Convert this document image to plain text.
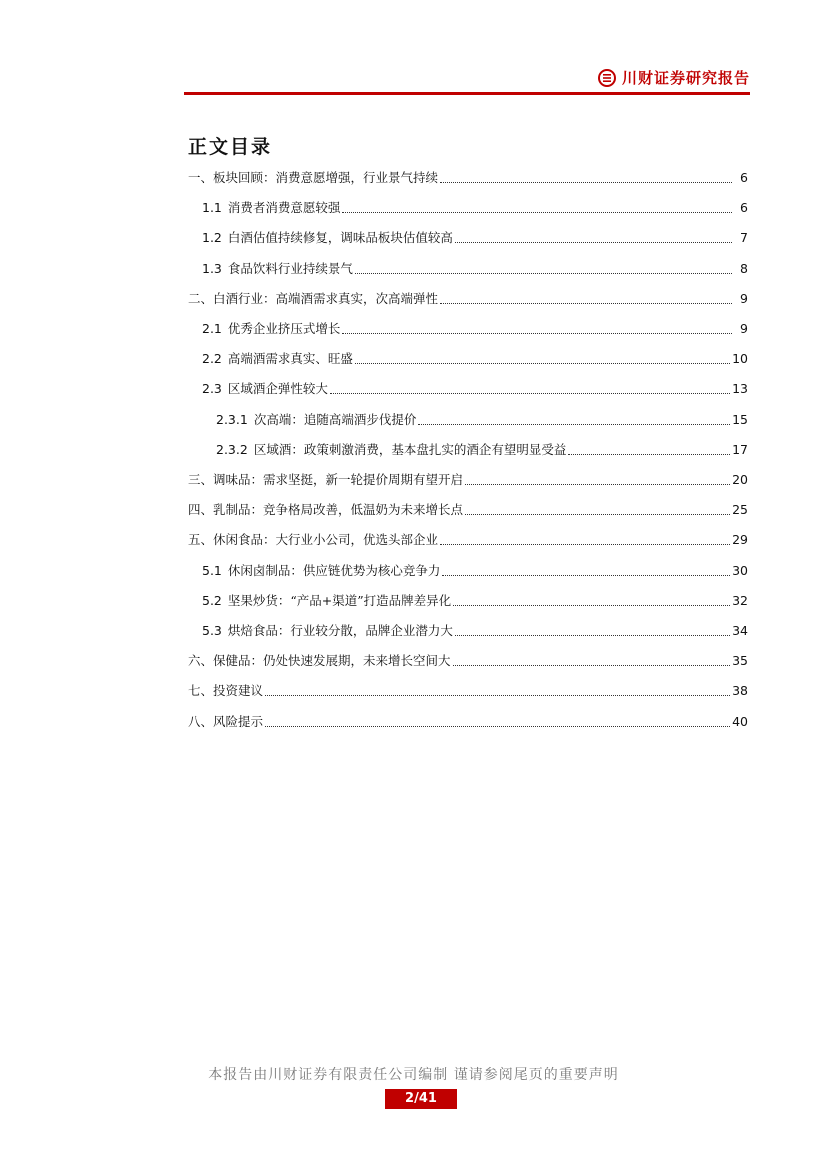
川财证券研究报告
正文目录
一、板块回顾：消费意愿增强，行业景气持续	6
1.1 消费者消费意愿较强	6
1.2 白酒估值持续修复，调味品板块估值较高	7
1.3 食品饮料行业持续景气	8
二、白酒行业：高端酒需求真实，次高端弹性	9
2.1 优秀企业挤压式增长	9
2.2 高端酒需求真实、旺盛	10
2.3 区域酒企弹性较大	13
2.3.1 次高端：追随高端酒步伐提价	15
2.3.2 区域酒：政策刺激消费，基本盘扎实的酒企有望明显受益	17
三、调味品：需求坚挺，新一轮提价周期有望开启	20
四、乳制品：竞争格局改善，低温奶为未来增长点	25
五、休闲食品：大行业小公司，优选头部企业	29
5.1 休闲卤制品：供应链优势为核心竞争力	30
5.2 坚果炒货：“产品+渠道”打造品牌差异化	32
5.3 烘焙食品：行业较分散，品牌企业潜力大	34
六、保健品：仍处快速发展期，未来增长空间大	35
七、投资建议	38
八、风险提示	40
本报告由川财证券有限责任公司编制 谨请参阅尾页的重要声明
2/41
